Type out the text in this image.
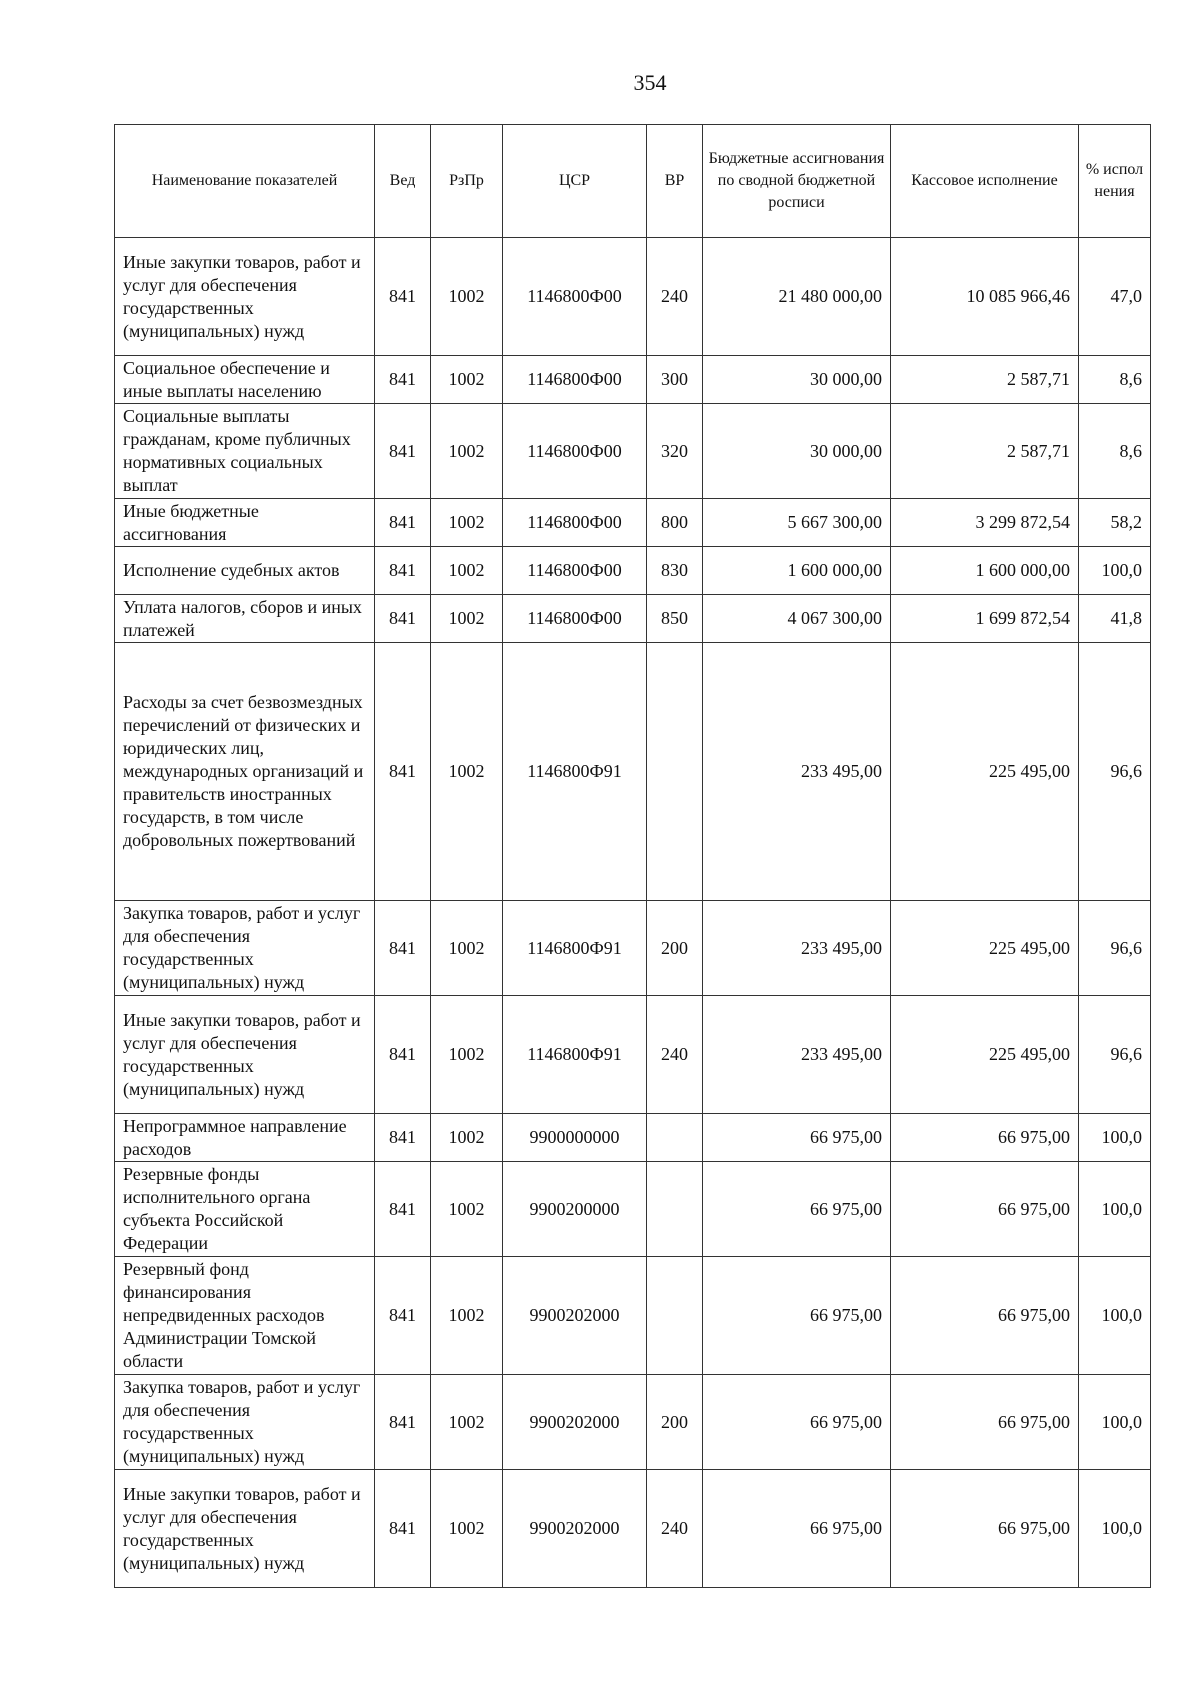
354
Наименование показателей	Вед	РзПр	ЦСР	ВР	Бюджетные ассигнования по сводной бюджетной росписи	Кассовое исполнение	% испол нения
Иные закупки товаров, работ и услуг для обеспечения государственных (муниципальных) нужд	841	1002	1146800Ф00	240	21 480 000,00	10 085 966,46	47,0
Социальное обеспечение и иные выплаты населению	841	1002	1146800Ф00	300	30 000,00	2 587,71	8,6
Социальные выплаты гражданам, кроме публичных нормативных социальных выплат	841	1002	1146800Ф00	320	30 000,00	2 587,71	8,6
Иные бюджетные ассигнования	841	1002	1146800Ф00	800	5 667 300,00	3 299 872,54	58,2
Исполнение судебных актов	841	1002	1146800Ф00	830	1 600 000,00	1 600 000,00	100,0
Уплата налогов, сборов и иных платежей	841	1002	1146800Ф00	850	4 067 300,00	1 699 872,54	41,8
Расходы за счет безвозмездных перечислений от физических и юридических лиц, международных организаций и правительств иностранных государств, в том числе добровольных пожертвований	841	1002	1146800Ф91		233 495,00	225 495,00	96,6
Закупка товаров, работ и услуг для обеспечения государственных (муниципальных) нужд	841	1002	1146800Ф91	200	233 495,00	225 495,00	96,6
Иные закупки товаров, работ и услуг для обеспечения государственных (муниципальных) нужд	841	1002	1146800Ф91	240	233 495,00	225 495,00	96,6
Непрограммное направление расходов	841	1002	9900000000		66 975,00	66 975,00	100,0
Резервные фонды исполнительного органа субъекта Российской Федерации	841	1002	9900200000		66 975,00	66 975,00	100,0
Резервный фонд финансирования непредвиденных расходов Администрации Томской области	841	1002	9900202000		66 975,00	66 975,00	100,0
Закупка товаров, работ и услуг для обеспечения государственных (муниципальных) нужд	841	1002	9900202000	200	66 975,00	66 975,00	100,0
Иные закупки товаров, работ и услуг для обеспечения государственных (муниципальных) нужд	841	1002	9900202000	240	66 975,00	66 975,00	100,0
